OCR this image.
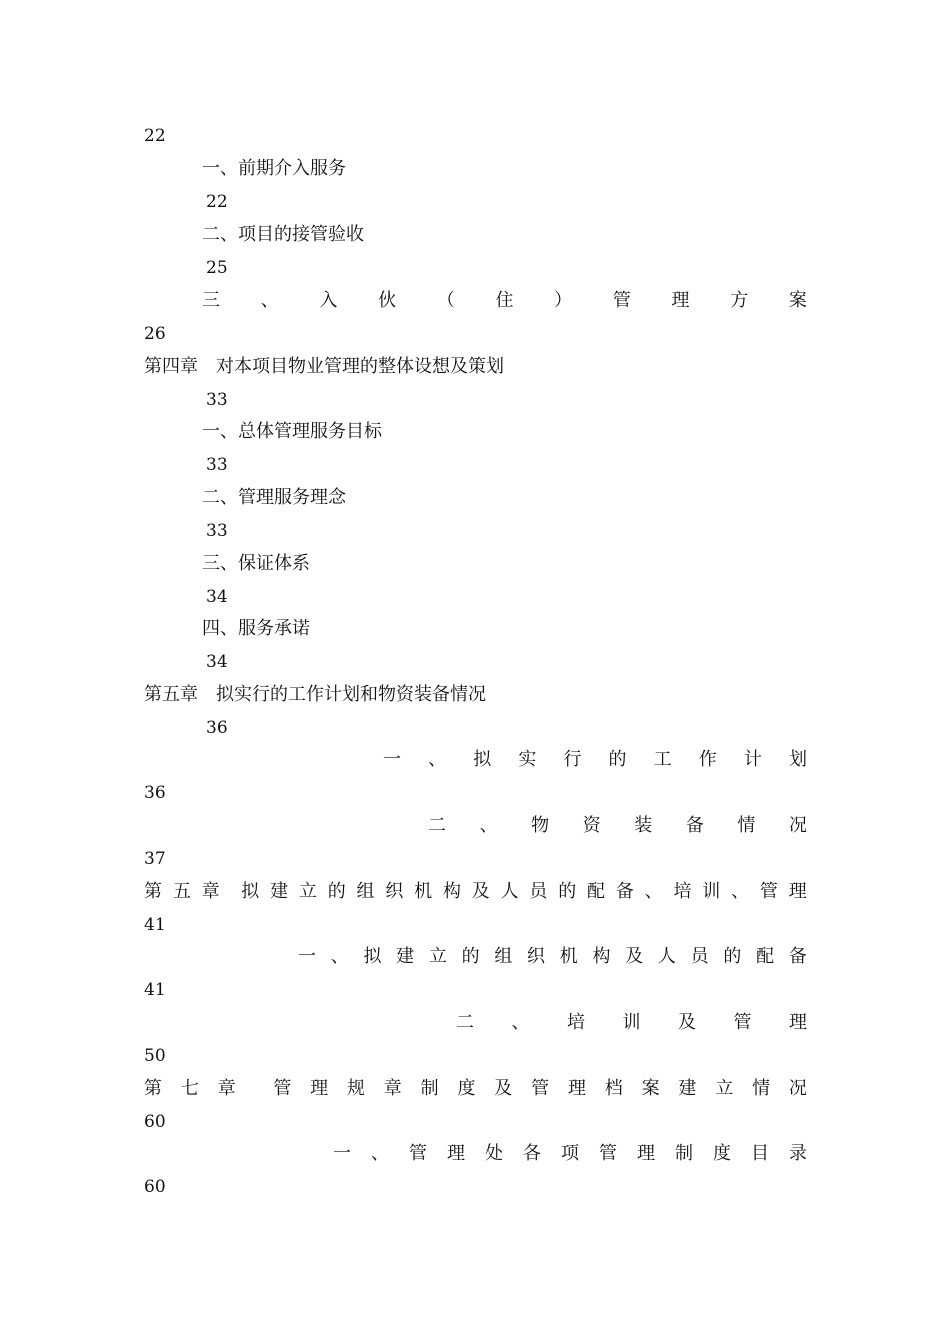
22
一、前期介入服务
22
二、项目的接管验收
25
三 、 入 伙 （ 住 ） 管 理 方 案
26
第四章　对本项目物业管理的整体设想及策划
33
一、总体管理服务目标
33
二、管理服务理念
33
三、保证体系
34
四、服务承诺
34
第五章　拟实行的工作计划和物资装备情况
36
一 、 拟 实 行 的 工 作 计 划
36
二 、 物 资 装 备 情 况
37
第 五 章 拟 建 立 的 组 织 机 构 及 人 员 的 配 备 、 培 训 、 管 理
41
一 、 拟 建 立 的 组 织 机 构 及 人 员 的 配 备
41
二 、 培 训 及 管 理
50
第 七 章 管 理 规 章 制 度 及 管 理 档 案 建 立 情 况
60
一 、 管 理 处 各 项 管 理 制 度 目 录
60
